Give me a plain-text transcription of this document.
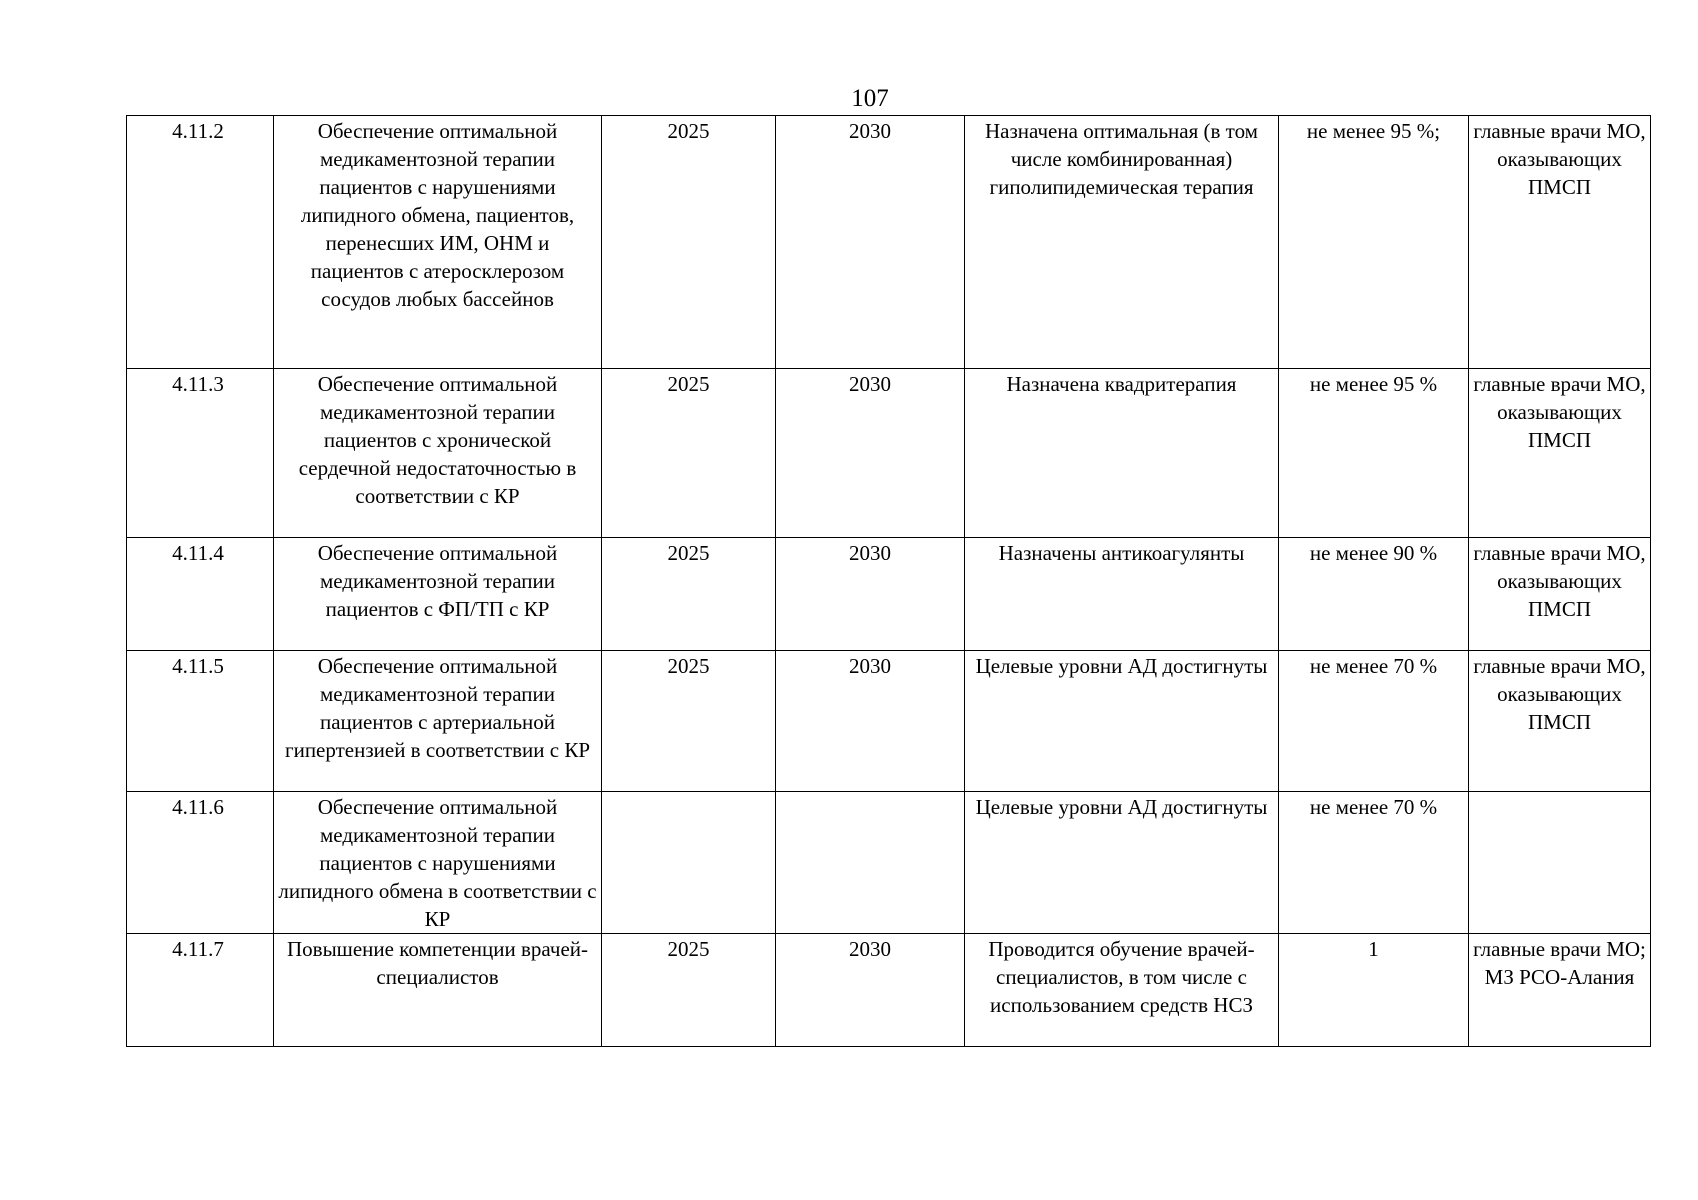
107
4.11.2	Обеспечение оптимальной медикаментозной терапии пациентов с нарушениями липидного обмена, пациентов, перенесших ИМ, ОНМ и пациентов с атеросклерозом сосудов любых бассейнов	2025	2030	Назначена оптимальная (в том числе комбинированная) гиполипидемическая терапия	не менее 95 %;	главные врачи МО, оказывающих ПМСП
4.11.3	Обеспечение оптимальной медикаментозной терапии пациентов с хронической сердечной недостаточностью в соответствии с КР	2025	2030	Назначена квадритерапия	не менее 95 %	главные врачи МО, оказывающих ПМСП
4.11.4	Обеспечение оптимальной медикаментозной терапии пациентов с ФП/ТП с КР	2025	2030	Назначены антикоагулянты	не менее 90 %	главные врачи МО, оказывающих ПМСП
4.11.5	Обеспечение оптимальной медикаментозной терапии пациентов с артериальной гипертензией в соответствии с КР	2025	2030	Целевые уровни АД достигнуты	не менее 70 %	главные врачи МО, оказывающих ПМСП
4.11.6	Обеспечение оптимальной медикаментозной терапии пациентов с нарушениями липидного обмена в соответствии с КР			Целевые уровни АД достигнуты	не менее 70 %	
4.11.7	Повышение компетенции врачей-специалистов	2025	2030	Проводится обучение врачей-специалистов, в том числе с использованием средств НСЗ	1	главные врачи МО; МЗ РСО-Алания
